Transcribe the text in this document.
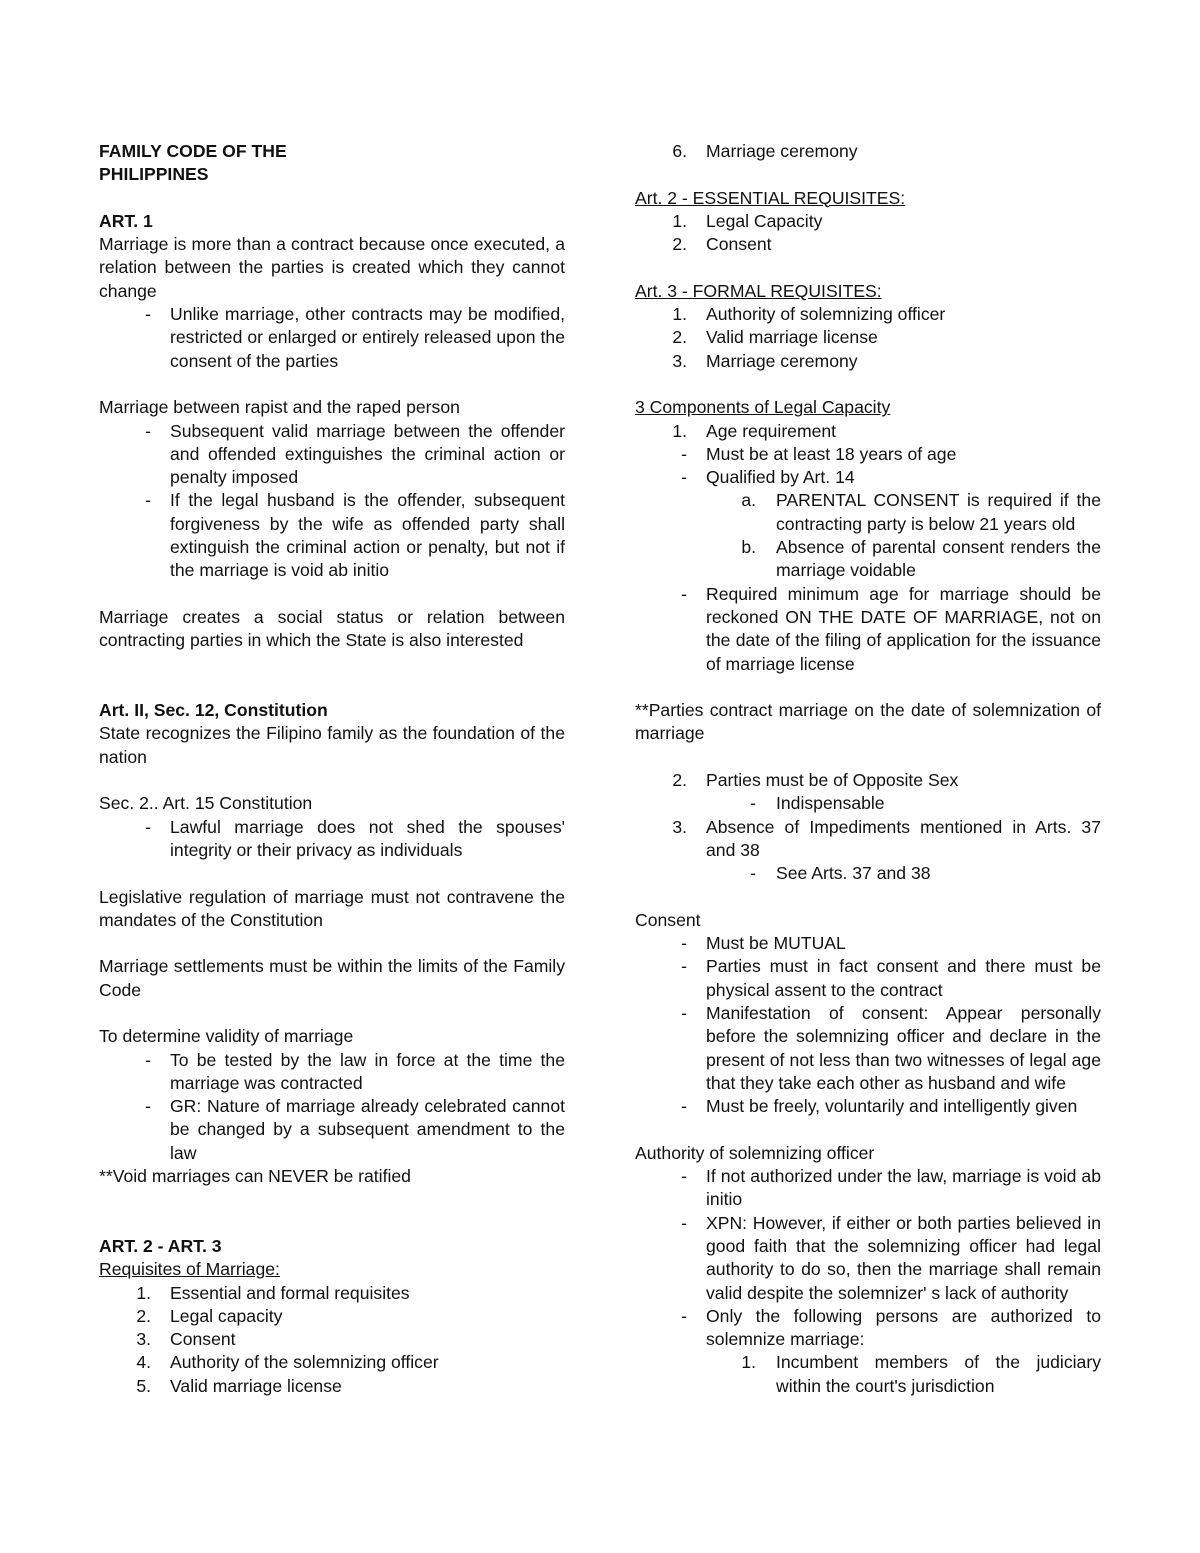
FAMILY CODE OF THE

PHILIPPINES

ART. 1

Marriage is more than a contract because once executed, a relation between the parties is created which they cannot change

- Unlike marriage, other contracts may be modified, restricted or enlarged or entirely released upon the consent of the parties

Marriage between rapist and the raped person

- Subsequent valid marriage between the offender and offended extinguishes the criminal action or penalty imposed
- If the legal husband is the offender, subsequent forgiveness by the wife as offended party shall extinguish the criminal action or penalty, but not if the marriage is void ab initio

Marriage creates a social status or relation between contracting parties in which the State is also interested

Art. II, Sec. 12, Constitution

State recognizes the Filipino family as the foundation of the nation

Sec. 2.. Art. 15 Constitution

- Lawful marriage does not shed the spouses' integrity or their privacy as individuals

Legislative regulation of marriage must not contravene the mandates of the Constitution

Marriage settlements must be within the limits of the Family Code

To determine validity of marriage

- To be tested by the law in force at the time the marriage was contracted
- GR: Nature of marriage already celebrated cannot be changed by a subsequent amendment to the law

**Void marriages can NEVER be ratified

ART. 2 - ART. 3

Requisites of Marriage:

1. Essential and formal requisites
2. Legal capacity
3. Consent
4. Authority of the solemnizing officer
5. Valid marriage license
6. Marriage ceremony

Art. 2 - ESSENTIAL REQUISITES:

1. Legal Capacity
2. Consent

Art. 3 - FORMAL REQUISITES:

1. Authority of solemnizing officer
2. Valid marriage license
3. Marriage ceremony

3 Components of Legal Capacity

1. Age requirement
- Must be at least 18 years of age
- Qualified by Art. 14
a. PARENTAL CONSENT is required if the contracting party is below 21 years old
b. Absence of parental consent renders the marriage voidable
- Required minimum age for marriage should be reckoned ON THE DATE OF MARRIAGE, not on the date of the filing of application for the issuance of marriage license

**Parties contract marriage on the date of solemnization of marriage

2. Parties must be of Opposite Sex
- Indispensable
3. Absence of Impediments mentioned in Arts. 37 and 38
- See Arts. 37 and 38

Consent

- Must be MUTUAL
- Parties must in fact consent and there must be physical assent to the contract
- Manifestation of consent: Appear personally before the solemnizing officer and declare in the present of not less than two witnesses of legal age that they take each other as husband and wife
- Must be freely, voluntarily and intelligently given

Authority of solemnizing officer

- If not authorized under the law, marriage is void ab initio
- XPN: However, if either or both parties believed in good faith that the solemnizing officer had legal authority to do so, then the marriage shall remain valid despite the solemnizer' s lack of authority
- Only the following persons are authorized to solemnize marriage:
1. Incumbent members of the judiciary within the court's jurisdiction
